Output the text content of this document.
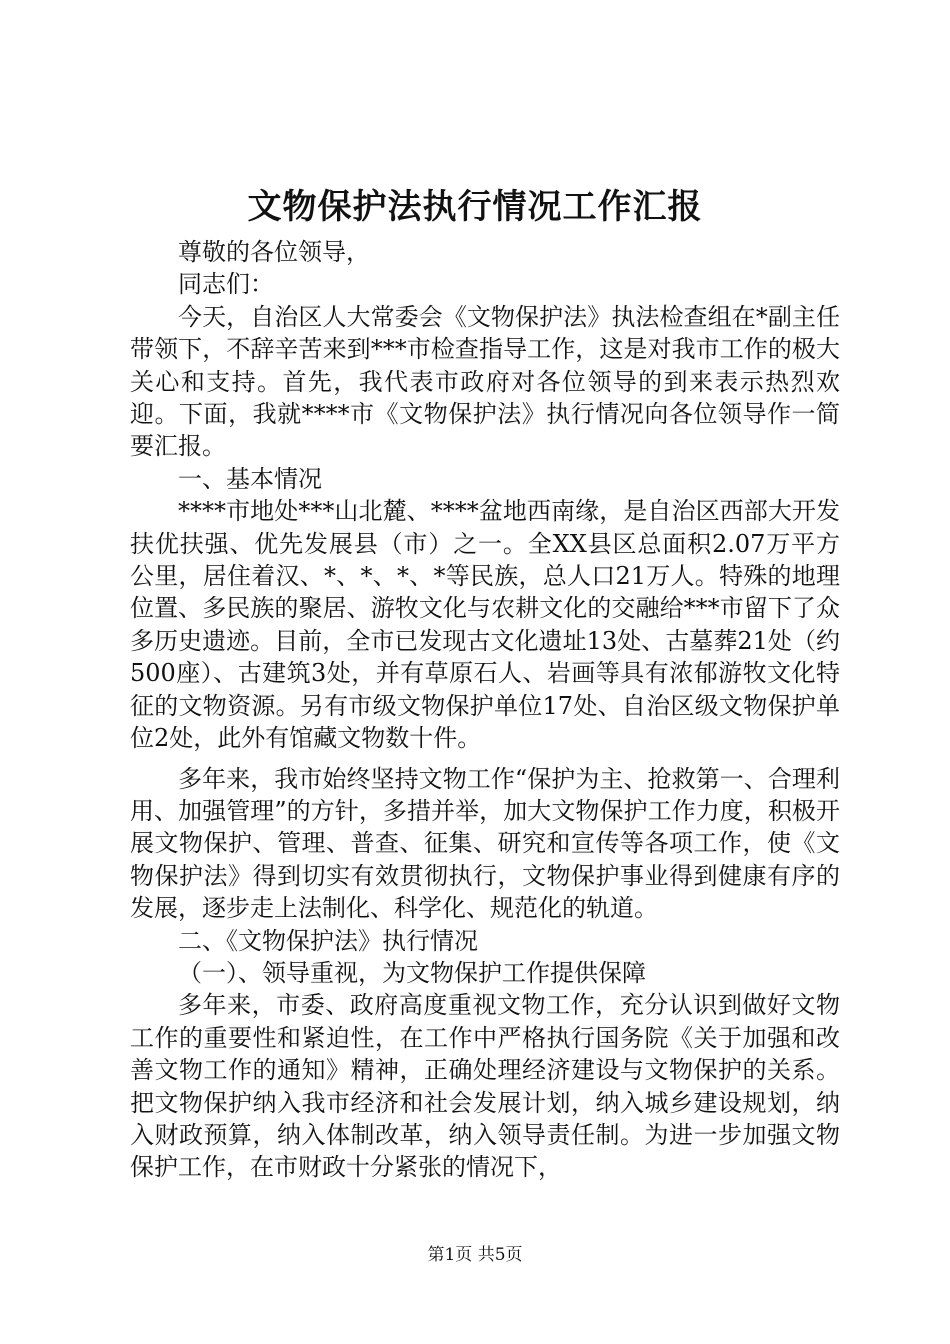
文物保护法执行情况工作汇报

尊敬的各位领导，

同志们：

今天，自治区人大常委会《文物保护法》执法检查组在*副主任带领下，不辞辛苦来到***市检查指导工作，这是对我市工作的极大关心和支持。首先，我代表市政府对各位领导的到来表示热烈欢迎。下面，我就****市《文物保护法》执行情况向各位领导作一简要汇报。

一、基本情况

****市地处***山北麓、****盆地西南缘，是自治区西部大开发扶优扶强、优先发展县（市）之一。全XX县区总面积2.07万平方公里，居住着汉、*、*、*、*等民族，总人口21万人。特殊的地理位置、多民族的聚居、游牧文化与农耕文化的交融给***市留下了众多历史遗迹。目前，全市已发现古文化遗址13处、古墓葬21处（约500座）、古建筑3处，并有草原石人、岩画等具有浓郁游牧文化特征的文物资源。另有市级文物保护单位17处、自治区级文物保护单位2处，此外有馆藏文物数十件。

多年来，我市始终坚持文物工作“保护为主、抢救第一、合理利用、加强管理”的方针，多措并举，加大文物保护工作力度，积极开展文物保护、管理、普查、征集、研究和宣传等各项工作，使《文物保护法》得到切实有效贯彻执行，文物保护事业得到健康有序的发展，逐步走上法制化、科学化、规范化的轨道。

二、《文物保护法》执行情况

（一）、领导重视，为文物保护工作提供保障

多年来，市委、政府高度重视文物工作，充分认识到做好文物工作的重要性和紧迫性，在工作中严格执行国务院《关于加强和改善文物工作的通知》精神，正确处理经济建设与文物保护的关系。把文物保护纳入我市经济和社会发展计划，纳入城乡建设规划，纳入财政预算，纳入体制改革，纳入领导责任制。为进一步加强文物保护工作，在市财政十分紧张的情况下，

第1页 共5页
